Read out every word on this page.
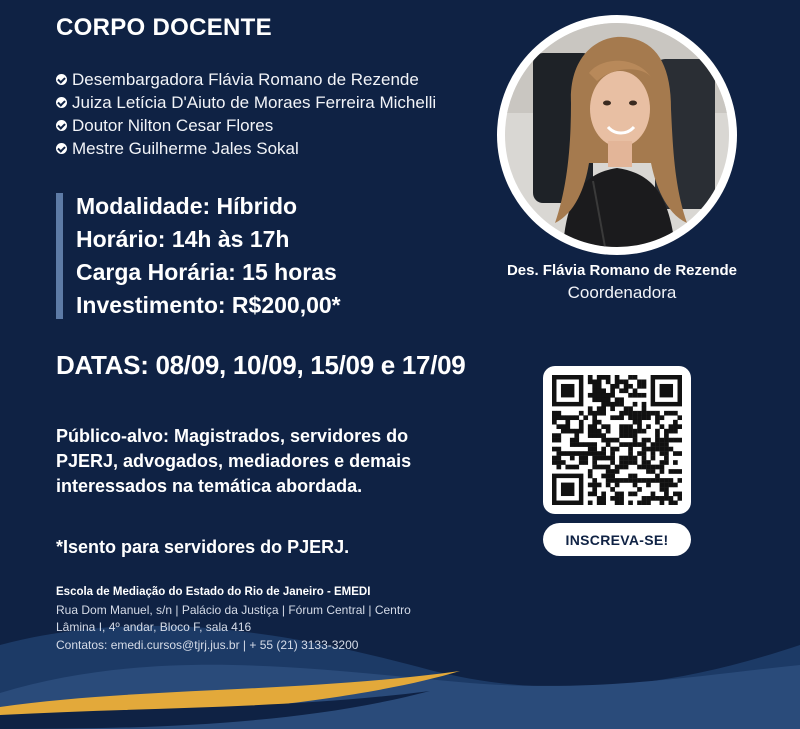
CORPO DOCENTE
Desembargadora Flávia Romano de Rezende
Juiza Letícia D'Aiuto de Moraes Ferreira Michelli
Doutor Nilton Cesar Flores
Mestre Guilherme Jales Sokal
Modalidade: Híbrido
Horário: 14h às 17h
Carga Horária: 15 horas
Investimento: R$200,00*
DATAS: 08/09, 10/09, 15/09 e 17/09
Público-alvo: Magistrados, servidores do PJERJ, advogados, mediadores e demais interessados na temática abordada.
*Isento para servidores do PJERJ.
Escola de Mediação do Estado do Rio de Janeiro - EMEDI
Rua Dom Manuel, s/n | Palácio da Justiça | Fórum Central | Centro
Lâmina I, 4º andar, Bloco F, sala 416
Contatos: emedi.cursos@tjrj.jus.br | + 55 (21) 3133-3200
Des. Flávia Romano de Rezende
Coordenadora
INSCREVA-SE!
